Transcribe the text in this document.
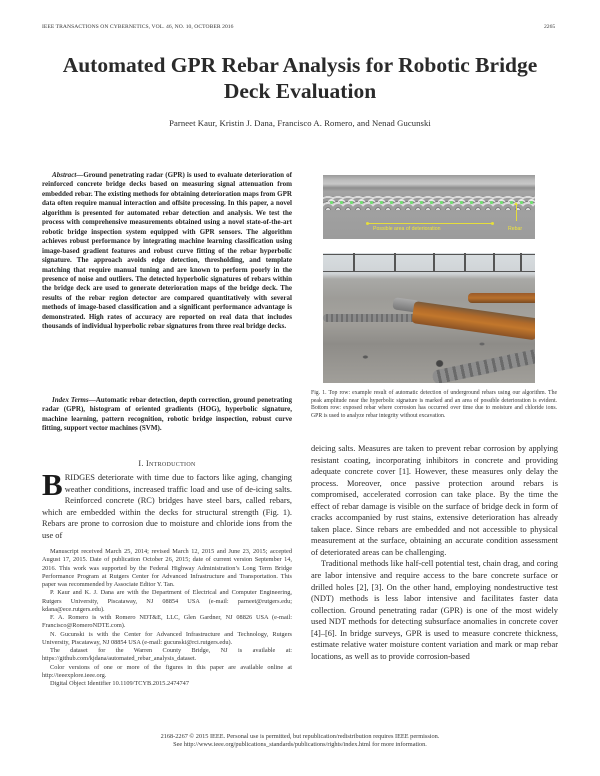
IEEE TRANSACTIONS ON CYBERNETICS, VOL. 46, NO. 10, OCTOBER 2016	2265
Automated GPR Rebar Analysis for Robotic Bridge Deck Evaluation
Parneet Kaur, Kristin J. Dana, Francisco A. Romero, and Nenad Gucunski
Abstract—Ground penetrating radar (GPR) is used to evaluate deterioration of reinforced concrete bridge decks based on measuring signal attenuation from embedded rebar. The existing methods for obtaining deterioration maps from GPR data often require manual interaction and offsite processing. In this paper, a novel algorithm is presented for automated rebar detection and analysis. We test the process with comprehensive measurements obtained using a novel state-of-the-art robotic bridge inspection system equipped with GPR sensors. The algorithm achieves robust performance by integrating machine learning classification using image-based gradient features and robust curve fitting of the rebar hyperbolic signature. The approach avoids edge detection, thresholding, and template matching that require manual tuning and are known to perform poorly in the presence of noise and outliers. The detected hyperbolic signatures of rebars within the bridge deck are used to generate deterioration maps of the bridge deck. The results of the rebar region detector are compared quantitatively with several methods of image-based classification and a significant performance advantage is demonstrated. High rates of accuracy are reported on real data that includes thousands of individual hyperbolic rebar signatures from three real bridge decks.
Index Terms—Automatic rebar detection, depth correction, ground penetrating radar (GPR), histogram of oriented gradients (HOG), hyperbolic signature, machine learning, pattern recognition, robotic bridge inspection, robust curve fitting, support vector machines (SVM).
I. Introduction
BRIDGES deteriorate with time due to factors like aging, changing weather conditions, increased traffic load and use of de-icing salts. Reinforced concrete (RC) bridges have steel bars, called rebars, which are embedded within the decks for structural strength (Fig. 1). Rebars are prone to corrosion due to moisture and chloride ions from the use of

Manuscript received March 25, 2014; revised March 12, 2015 and June 23, 2015; accepted August 17, 2015. Date of publication October 26, 2015; date of current version September 14, 2016. This work was supported by the Federal Highway Administration’s Long Term Bridge Performance Program at Rutgers Center for Advanced Infrastructure and Transportation. This paper was recommended by Associate Editor Y. Tan.

P. Kaur and K. J. Dana are with the Department of Electrical and Computer Engineering, Rutgers University, Piscataway, NJ 08854 USA (e-mail: parneet@rutgers.edu; kdana@ece.rutgers.edu).

F. A. Romero is with Romero NDT&E, LLC, Glen Gardner, NJ 08826 USA (e-mail: Francisco@RomeroNDTE.com).

N. Gucunski is with the Center for Advanced Infrastructure and Technology, Rutgers University, Piscataway, NJ 08854 USA (e-mail: gucunski@rci.rutgers.edu).

The dataset for the Warren County Bridge, NJ is available at: https://github.com/kjdana/automated_rebar_analysis_dataset.

Color versions of one or more of the figures in this paper are available online at http://ieeexplore.ieee.org.

Digital Object Identifier 10.1109/TCYB.2015.2474747

Possible area of deterioration	Rebar
Fig. 1. Top row: example result of automatic detection of underground rebars using our algorithm. The peak amplitude near the hyperbolic signature is marked and an area of possible deterioration is evident. Bottom row: exposed rebar where corrosion has occurred over time due to moisture and chloride ions. GPR is used to analyze rebar integrity without excavation.

deicing salts. Measures are taken to prevent rebar corrosion by applying resistant coating, incorporating inhibitors in concrete and providing adequate concrete cover [1]. However, these measures only delay the process. Moreover, once passive protection around rebars is compromised, accelerated corrosion can take place. By the time the effect of rebar damage is visible on the surface of bridge deck in form of cracks accompanied by rust stains, extensive deterioration has already taken place. Since rebars are embedded and not accessible to physical measurement at the surface, obtaining an accurate condition assessment of deteriorated areas can be challenging.

Traditional methods like half-cell potential test, chain drag, and coring are labor intensive and require access to the bare concrete surface or drilled holes [2], [3]. On the other hand, employing nondestructive test (NDT) methods is less labor intensive and facilitates faster data collection. Ground penetrating radar (GPR) is one of the most widely used NDT methods for detecting subsurface anomalies in concrete cover [4]–[6]. In bridge surveys, GPR is used to measure concrete thickness, estimate relative water moisture content variation and mark or map rebar locations, as well as to provide corrosion-based

2168-2267 © 2015 IEEE. Personal use is permitted, but republication/redistribution requires IEEE permission.
See http://www.ieee.org/publications_standards/publications/rights/index.html for more information.
